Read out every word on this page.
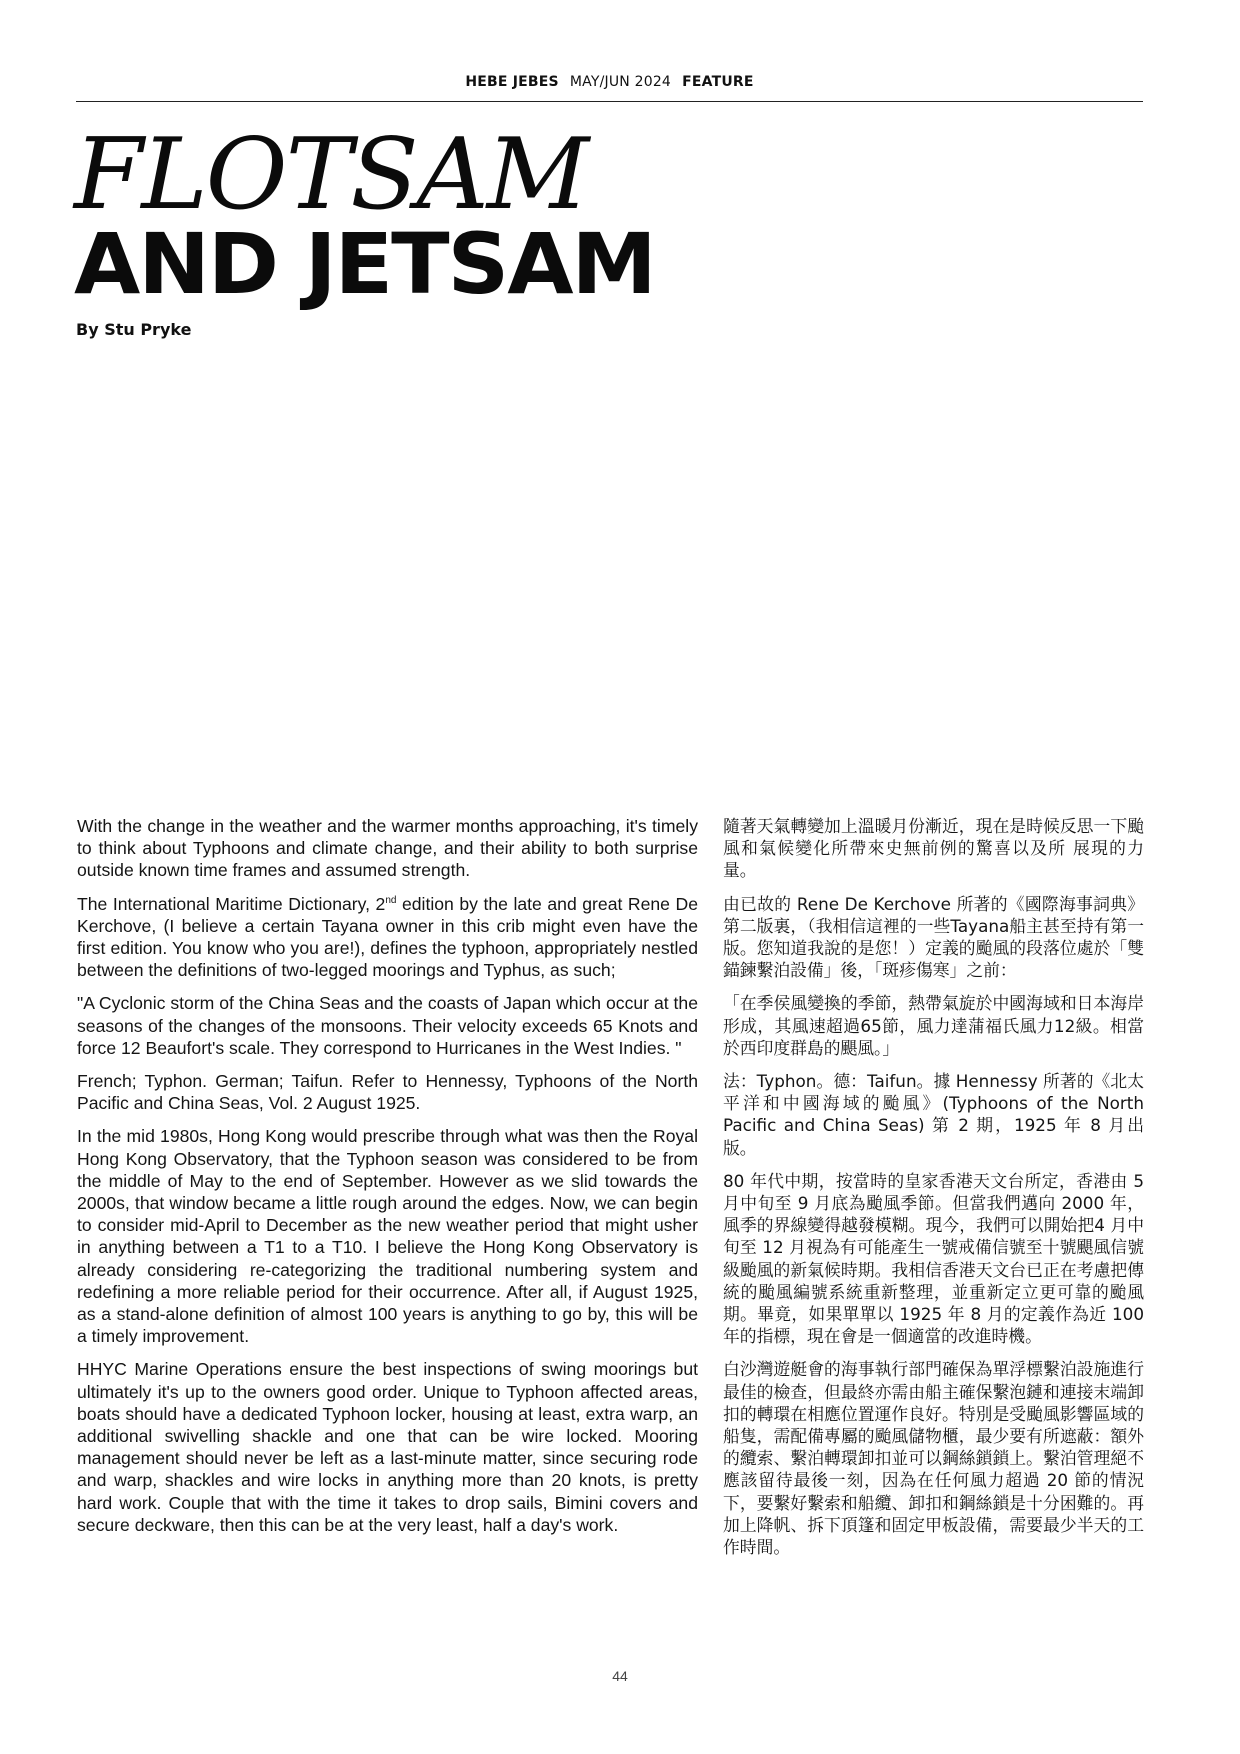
HEBE JEBES MAY/JUN 2024 FEATURE
FLOTSAM
AND JETSAM
By Stu Pryke

With the change in the weather and the warmer months approaching, it's timely to think about Typhoons and climate change, and their ability to both surprise outside known time frames and assumed strength.

The International Maritime Dictionary, 2nd edition by the late and great Rene De Kerchove, (I believe a certain Tayana owner in this crib might even have the first edition. You know who you are!), defines the typhoon, appropriately nestled between the definitions of two-legged moorings and Typhus, as such;

"A Cyclonic storm of the China Seas and the coasts of Japan which occur at the seasons of the changes of the monsoons. Their velocity exceeds 65 Knots and force 12 Beaufort's scale. They correspond to Hurricanes in the West Indies. "

French; Typhon. German; Taifun. Refer to Hennessy, Typhoons of the North Pacific and China Seas, Vol. 2 August 1925.

In the mid 1980s, Hong Kong would prescribe through what was then the Royal Hong Kong Observatory, that the Typhoon season was considered to be from the middle of May to the end of September. However as we slid towards the 2000s, that window became a little rough around the edges. Now, we can begin to consider mid-April to December as the new weather period that might usher in anything between a T1 to a T10. I believe the Hong Kong Observatory is already considering re-categorizing the traditional numbering system and redefining a more reliable period for their occurrence. After all, if August 1925, as a stand-alone definition of almost 100 years is anything to go by, this will be a timely improvement.

HHYC Marine Operations ensure the best inspections of swing moorings but ultimately it's up to the owners good order. Unique to Typhoon affected areas, boats should have a dedicated Typhoon locker, housing at least, extra warp, an additional swivelling shackle and one that can be wire locked. Mooring management should never be left as a last-minute matter, since securing rode and warp, shackles and wire locks in anything more than 20 knots, is pretty hard work. Couple that with the time it takes to drop sails, Bimini covers and secure deckware, then this can be at the very least, half a day's work.

隨著天氣轉變加上溫暖月份漸近，現在是時候反思一下颱風和氣候變化所帶來史無前例的驚喜以及所 展現的力量。

由已故的 Rene De Kerchove 所著的《國際海事詞典》第二版裏，（我相信這裡的一些Tayana船主甚至持有第一版。您知道我說的是您！）定義的颱風的段落位處於「雙錨鍊繫泊設備」後，「斑疹傷寒」之前：

「在季侯風變換的季節，熱帶氣旋於中國海域和日本海岸形成，其風速超過65節，風力達蒲福氏風力12級。相當於西印度群島的颶風。」

法：Typhon。德：Taifun。據 Hennessy 所著的《北太平洋和中國海域的颱風》(Typhoons of the North Pacific and China Seas) 第 2 期，1925 年 8 月出版。

80 年代中期，按當時的皇家香港天文台所定，香港由 5 月中旬至 9 月底為颱風季節。但當我們邁向 2000 年，風季的界線變得越發模糊。現今，我們可以開始把4 月中旬至 12 月視為有可能產生一號戒備信號至十號颶風信號級颱風的新氣候時期。我相信香港天文台已正在考慮把傳統的颱風編號系統重新整理，並重新定立更可靠的颱風期。畢竟，如果單單以 1925 年 8 月的定義作為近 100 年的指標，現在會是一個適當的改進時機。

白沙灣遊艇會的海事執行部門確保為單浮標繫泊設施進行最佳的檢查，但最終亦需由船主確保繫泡鏈和連接末端卸扣的轉環在相應位置運作良好。特別是受颱風影響區域的船隻，需配備專屬的颱風儲物櫃，最少要有所遮蔽：額外的纜索、繫泊轉環卸扣並可以鋼絲鎖鎖上。繫泊管理絕不應該留待最後一刻，因為在任何風力超過 20 節的情況下，要繫好繫索和船纜、卸扣和鋼絲鎖是十分困難的。再加上降帆、拆下頂篷和固定甲板設備，需要最少半天的工作時間。

44
